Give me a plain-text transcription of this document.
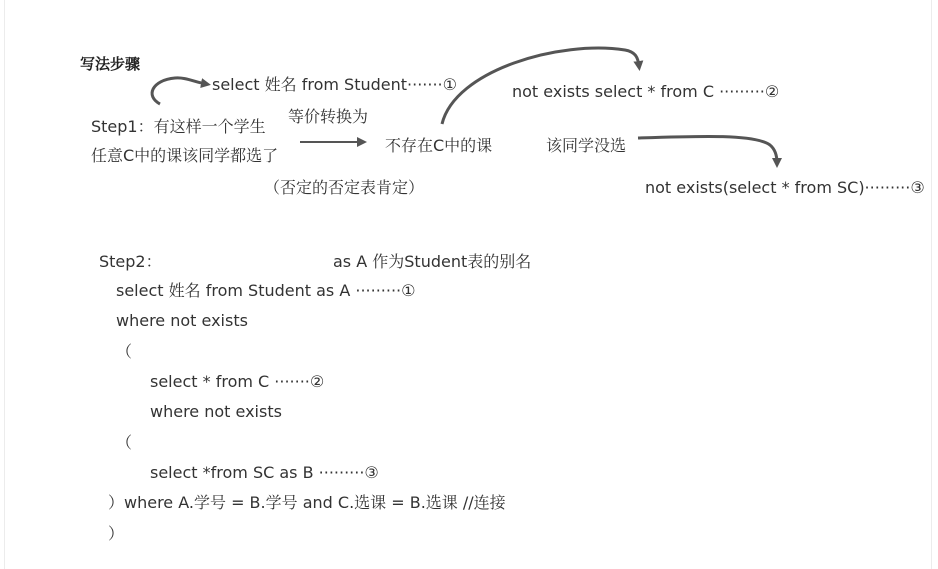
写法步骤
select 姓名 from Student·······①	not exists select * from C ·········②
Step1：有这样一个学生
任意C中的课该同学都选了
等价转换为
不存在C中的课	该同学没选
（否定的否定表肯定）	not exists(select * from SC)·········③
Step2：	as A 作为Student表的别名
select 姓名 from Student as A ·········①
where not exists
（
select * from C ·······②
where not exists
（
select *from SC as B ·········③
）where A.学号 = B.学号 and C.选课 = B.选课 //连接
）
